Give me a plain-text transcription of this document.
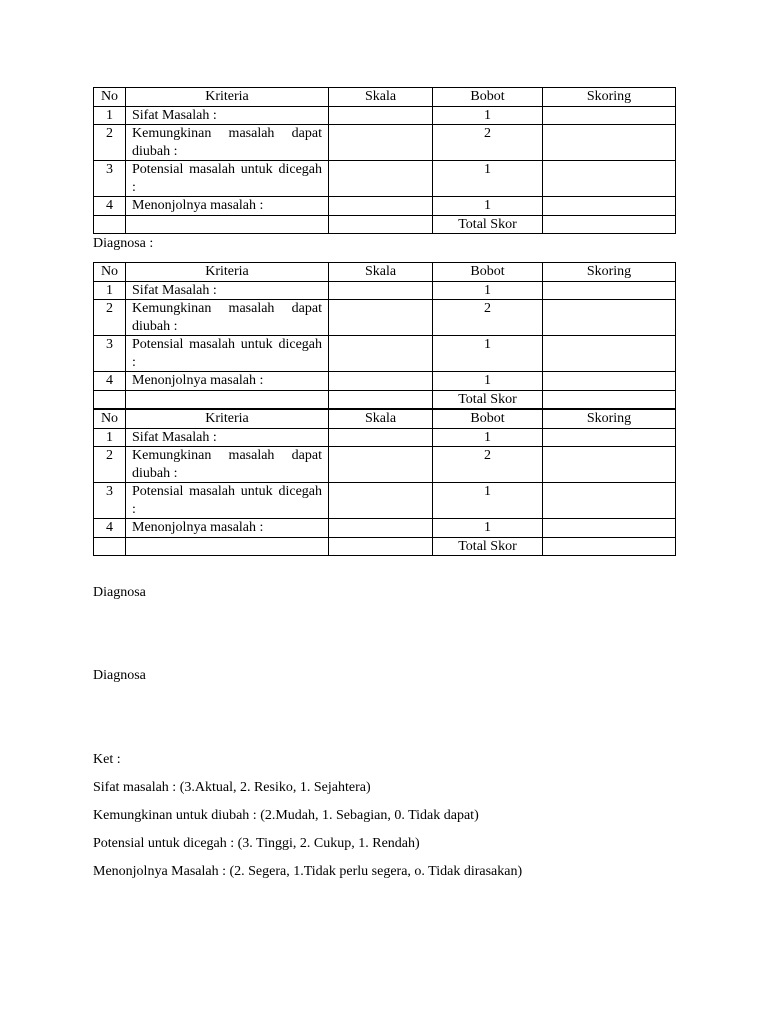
No	Kriteria	Skala	Bobot	Skoring
1	Sifat Masalah :		1	
2	Kemungkinan masalah dapat diubah :		2	
3	Potensial masalah untuk dicegah :		1	
4	Menonjolnya masalah :		1	
			Total Skor	

Diagnosa :

No	Kriteria	Skala	Bobot	Skoring
1	Sifat Masalah :		1	
2	Kemungkinan masalah dapat diubah :		2	
3	Potensial masalah untuk dicegah :		1	
4	Menonjolnya masalah :		1	
			Total Skor	
No	Kriteria	Skala	Bobot	Skoring
1	Sifat Masalah :		1	
2	Kemungkinan masalah dapat diubah :		2	
3	Potensial masalah untuk dicegah :		1	
4	Menonjolnya masalah :		1	
			Total Skor	

Diagnosa

Diagnosa

Ket :

Sifat masalah : (3.Aktual, 2. Resiko, 1. Sejahtera)

Kemungkinan untuk diubah : (2.Mudah, 1. Sebagian, 0. Tidak dapat)

Potensial untuk dicegah : (3. Tinggi, 2. Cukup, 1. Rendah)

Menonjolnya Masalah : (2. Segera, 1.Tidak perlu segera, o. Tidak dirasakan)
